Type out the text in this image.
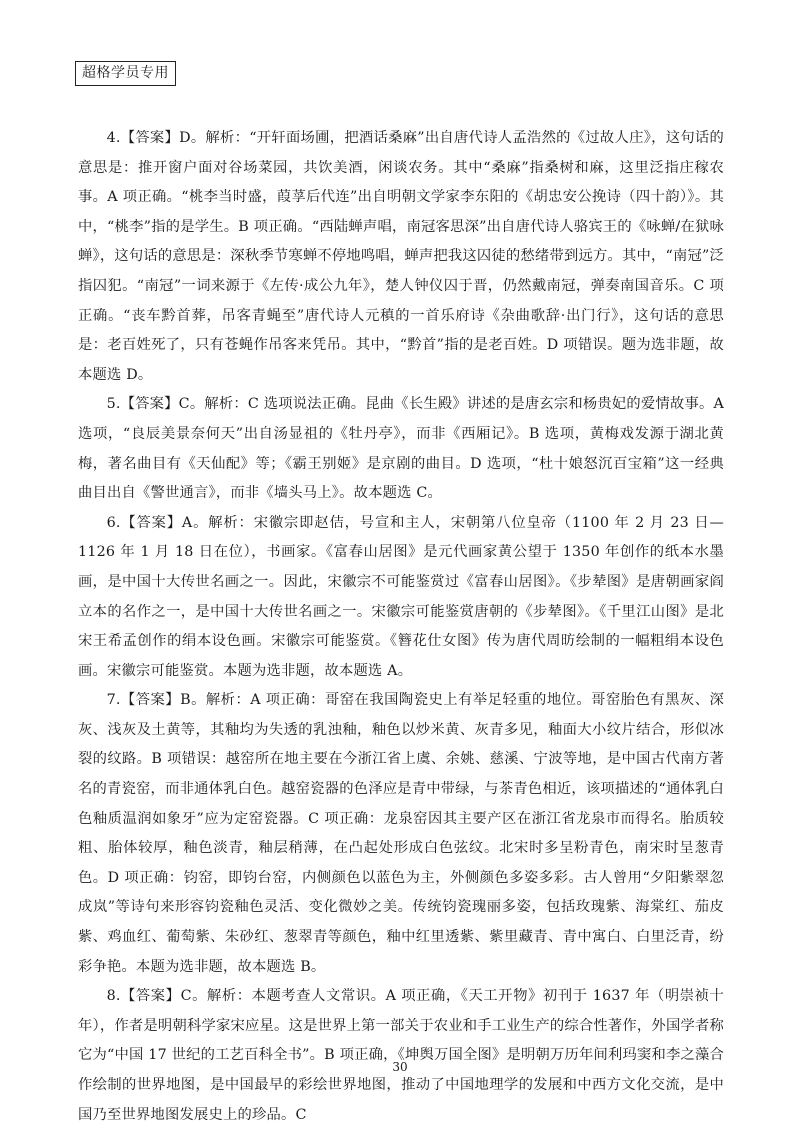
超格学员专用

4.【答案】D。解析：“开轩面场圃，把酒话桑麻”出自唐代诗人孟浩然的《过故人庄》，这句话的意思是：推开窗户面对谷场菜园，共饮美酒，闲谈农务。其中“桑麻”指桑树和麻，这里泛指庄稼农事。A 项正确。“桃李当时盛，葭莩后代连”出自明朝文学家李东阳的《胡忠安公挽诗（四十韵）》。其中，“桃李”指的是学生。B 项正确。“西陆蝉声唱，南冠客思深”出自唐代诗人骆宾王的《咏蝉/在狱咏蝉》，这句话的意思是：深秋季节寒蝉不停地鸣唱，蝉声把我这囚徒的愁绪带到远方。其中，“南冠”泛指囚犯。“南冠”一词来源于《左传·成公九年》，楚人钟仪囚于晋，仍然戴南冠，弹奏南国音乐。C 项正确。“丧车黔首葬，吊客青蝇至”唐代诗人元稹的一首乐府诗《杂曲歌辞·出门行》，这句话的意思是：老百姓死了，只有苍蝇作吊客来凭吊。其中，“黔首”指的是老百姓。D 项错误。题为选非题，故本题选 D。

5.【答案】C。解析：C 选项说法正确。昆曲《长生殿》讲述的是唐玄宗和杨贵妃的爱情故事。A 选项，“良辰美景奈何天”出自汤显祖的《牡丹亭》，而非《西厢记》。B 选项，黄梅戏发源于湖北黄梅，著名曲目有《天仙配》等；《霸王别姬》是京剧的曲目。D 选项，“杜十娘怒沉百宝箱”这一经典曲目出自《警世通言》，而非《墙头马上》。故本题选 C。

6.【答案】A。解析：宋徽宗即赵佶，号宣和主人，宋朝第八位皇帝（1100 年 2 月 23 日—1126 年 1 月 18 日在位），书画家。《富春山居图》是元代画家黄公望于 1350 年创作的纸本水墨画，是中国十大传世名画之一。因此，宋徽宗不可能鉴赏过《富春山居图》。《步辇图》是唐朝画家阎立本的名作之一，是中国十大传世名画之一。宋徽宗可能鉴赏唐朝的《步辇图》。《千里江山图》是北宋王希孟创作的绢本设色画。宋徽宗可能鉴赏。《簪花仕女图》传为唐代周昉绘制的一幅粗绢本设色画。宋徽宗可能鉴赏。本题为选非题，故本题选 A。

7.【答案】B。解析：A 项正确：哥窑在我国陶瓷史上有举足轻重的地位。哥窑胎色有黑灰、深灰、浅灰及土黄等，其釉均为失透的乳浊釉，釉色以炒米黄、灰青多见，釉面大小纹片结合，形似冰裂的纹路。B 项错误：越窑所在地主要在今浙江省上虞、余姚、慈溪、宁波等地，是中国古代南方著名的青瓷窑，而非通体乳白色。越窑瓷器的色泽应是青中带绿，与茶青色相近，该项描述的“通体乳白色釉质温润如象牙”应为定窑瓷器。C 项正确：龙泉窑因其主要产区在浙江省龙泉市而得名。胎质较粗、胎体较厚，釉色淡青，釉层稍薄，在凸起处形成白色弦纹。北宋时多呈粉青色，南宋时呈葱青色。D 项正确：钧窑，即钧台窑，内侧颜色以蓝色为主，外侧颜色多姿多彩。古人曾用“夕阳紫翠忽成岚”等诗句来形容钧瓷釉色灵活、变化微妙之美。传统钧瓷瑰丽多姿，包括玫瑰紫、海棠红、茄皮紫、鸡血红、葡萄紫、朱砂红、葱翠青等颜色，釉中红里透紫、紫里藏青、青中寓白、白里泛青，纷彩争艳。本题为选非题，故本题选 B。

8.【答案】C。解析：本题考查人文常识。A 项正确，《天工开物》初刊于 1637 年（明崇祯十年），作者是明朝科学家宋应星。这是世界上第一部关于农业和手工业生产的综合性著作，外国学者称它为“中国 17 世纪的工艺百科全书”。B 项正确，《坤舆万国全图》是明朝万历年间利玛窦和李之藻合作绘制的世界地图，是中国最早的彩绘世界地图，推动了中国地理学的发展和中西方文化交流，是中国乃至世界地图发展史上的珍品。C

30
